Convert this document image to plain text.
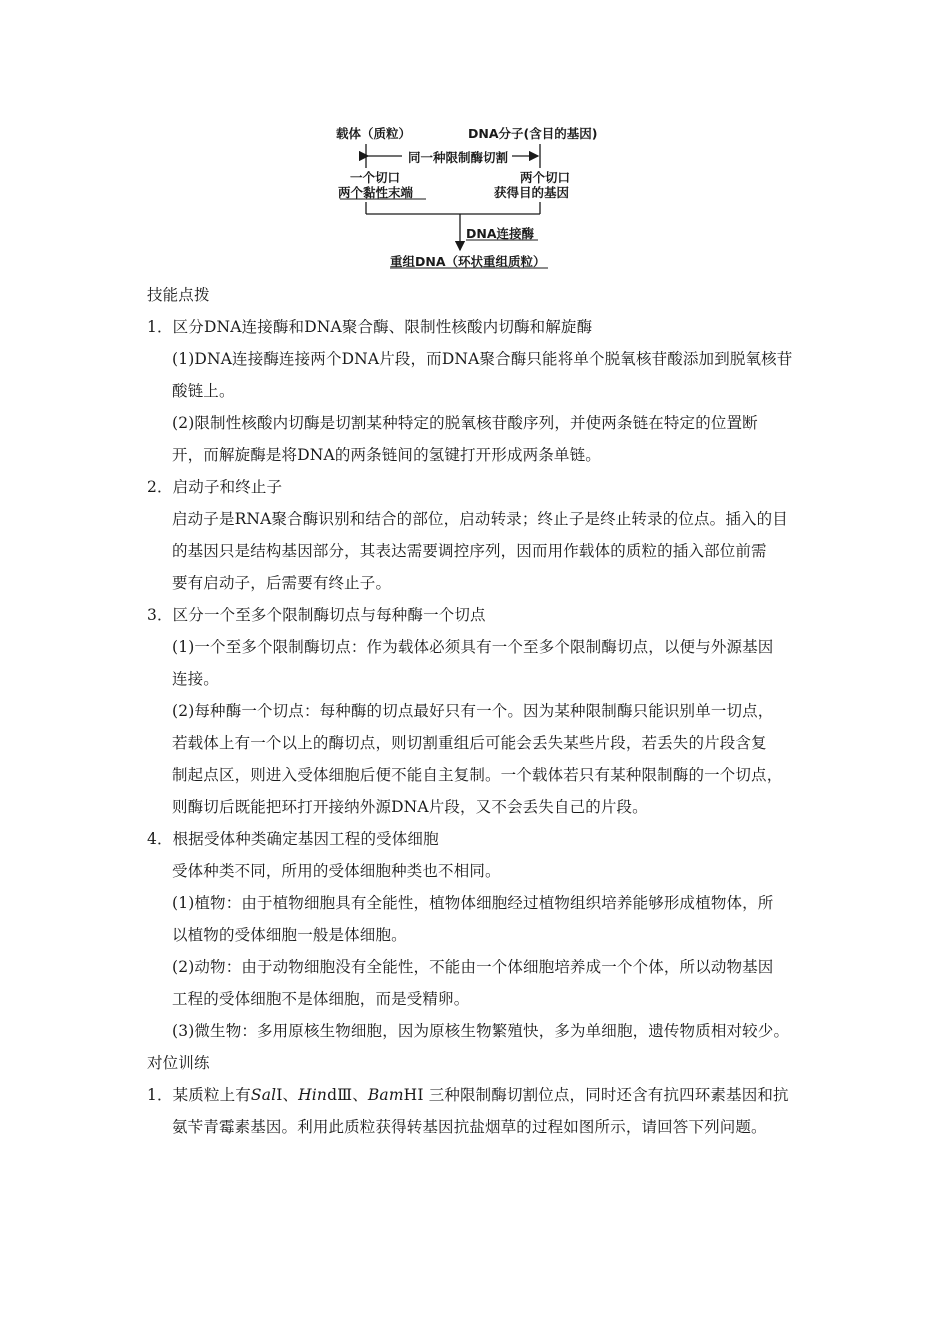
载体（质粒）	DNA分子(含目的基因)
同一种限制酶切割
一个切口
两个黏性末端
两个切口
获得目的基因
DNA连接酶
重组DNA（环状重组质粒）
技能点拨
1．区分DNA连接酶和DNA聚合酶、限制性核酸内切酶和解旋酶
(1)DNA连接酶连接两个DNA片段，而DNA聚合酶只能将单个脱氧核苷酸添加到脱氧核苷
酸链上。
(2)限制性核酸内切酶是切割某种特定的脱氧核苷酸序列，并使两条链在特定的位置断
开，而解旋酶是将DNA的两条链间的氢键打开形成两条单链。
2．启动子和终止子
启动子是RNA聚合酶识别和结合的部位，启动转录；终止子是终止转录的位点。插入的目
的基因只是结构基因部分，其表达需要调控序列，因而用作载体的质粒的插入部位前需
要有启动子，后需要有终止子。
3．区分一个至多个限制酶切点与每种酶一个切点
(1)一个至多个限制酶切点：作为载体必须具有一个至多个限制酶切点，以便与外源基因
连接。
(2)每种酶一个切点：每种酶的切点最好只有一个。因为某种限制酶只能识别单一切点，
若载体上有一个以上的酶切点，则切割重组后可能会丢失某些片段，若丢失的片段含复
制起点区，则进入受体细胞后便不能自主复制。一个载体若只有某种限制酶的一个切点，
则酶切后既能把环打开接纳外源DNA片段，又不会丢失自己的片段。
4．根据受体种类确定基因工程的受体细胞
受体种类不同，所用的受体细胞种类也不相同。
(1)植物：由于植物细胞具有全能性，植物体细胞经过植物组织培养能够形成植物体，所
以植物的受体细胞一般是体细胞。
(2)动物：由于动物细胞没有全能性，不能由一个体细胞培养成一个个体，所以动物基因
工程的受体细胞不是体细胞，而是受精卵。
(3)微生物：多用原核生物细胞，因为原核生物繁殖快，多为单细胞，遗传物质相对较少。
对位训练
1．某质粒上有SalⅠ、HindⅢ、BamHⅠ 三种限制酶切割位点，同时还含有抗四环素基因和抗
氨苄青霉素基因。利用此质粒获得转基因抗盐烟草的过程如图所示，请回答下列问题。
